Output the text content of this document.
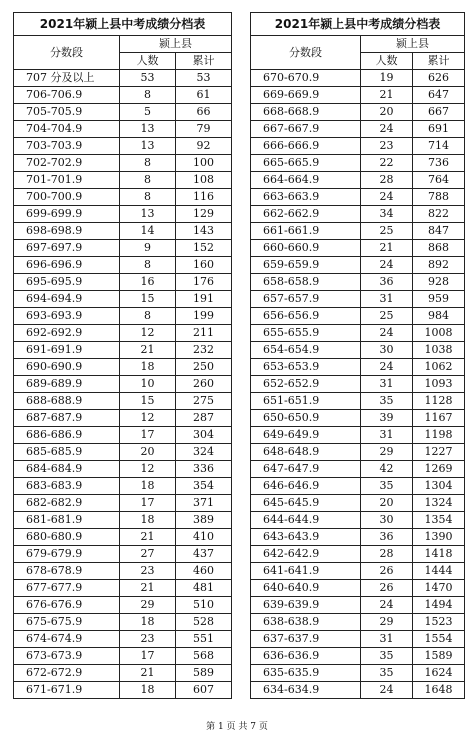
2021年颍上县中考成绩分档表		
分数段	颍上县	
	人数	累计
707 分及以上	53	53
706-706.9	8	61
705-705.9	5	66
704-704.9	13	79
703-703.9	13	92
702-702.9	8	100
701-701.9	8	108
700-700.9	8	116
699-699.9	13	129
698-698.9	14	143
697-697.9	9	152
696-696.9	8	160
695-695.9	16	176
694-694.9	15	191
693-693.9	8	199
692-692.9	12	211
691-691.9	21	232
690-690.9	18	250
689-689.9	10	260
688-688.9	15	275
687-687.9	12	287
686-686.9	17	304
685-685.9	20	324
684-684.9	12	336
683-683.9	18	354
682-682.9	17	371
681-681.9	18	389
680-680.9	21	410
679-679.9	27	437
678-678.9	23	460
677-677.9	21	481
676-676.9	29	510
675-675.9	18	528
674-674.9	23	551
673-673.9	17	568
672-672.9	21	589
671-671.9	18	607
2021年颍上县中考成绩分档表		
分数段	颍上县	
	人数	累计
670-670.9	19	626
669-669.9	21	647
668-668.9	20	667
667-667.9	24	691
666-666.9	23	714
665-665.9	22	736
664-664.9	28	764
663-663.9	24	788
662-662.9	34	822
661-661.9	25	847
660-660.9	21	868
659-659.9	24	892
658-658.9	36	928
657-657.9	31	959
656-656.9	25	984
655-655.9	24	1008
654-654.9	30	1038
653-653.9	24	1062
652-652.9	31	1093
651-651.9	35	1128
650-650.9	39	1167
649-649.9	31	1198
648-648.9	29	1227
647-647.9	42	1269
646-646.9	35	1304
645-645.9	20	1324
644-644.9	30	1354
643-643.9	36	1390
642-642.9	28	1418
641-641.9	26	1444
640-640.9	26	1470
639-639.9	24	1494
638-638.9	29	1523
637-637.9	31	1554
636-636.9	35	1589
635-635.9	35	1624
634-634.9	24	1648
第 1 页 共 7 页
